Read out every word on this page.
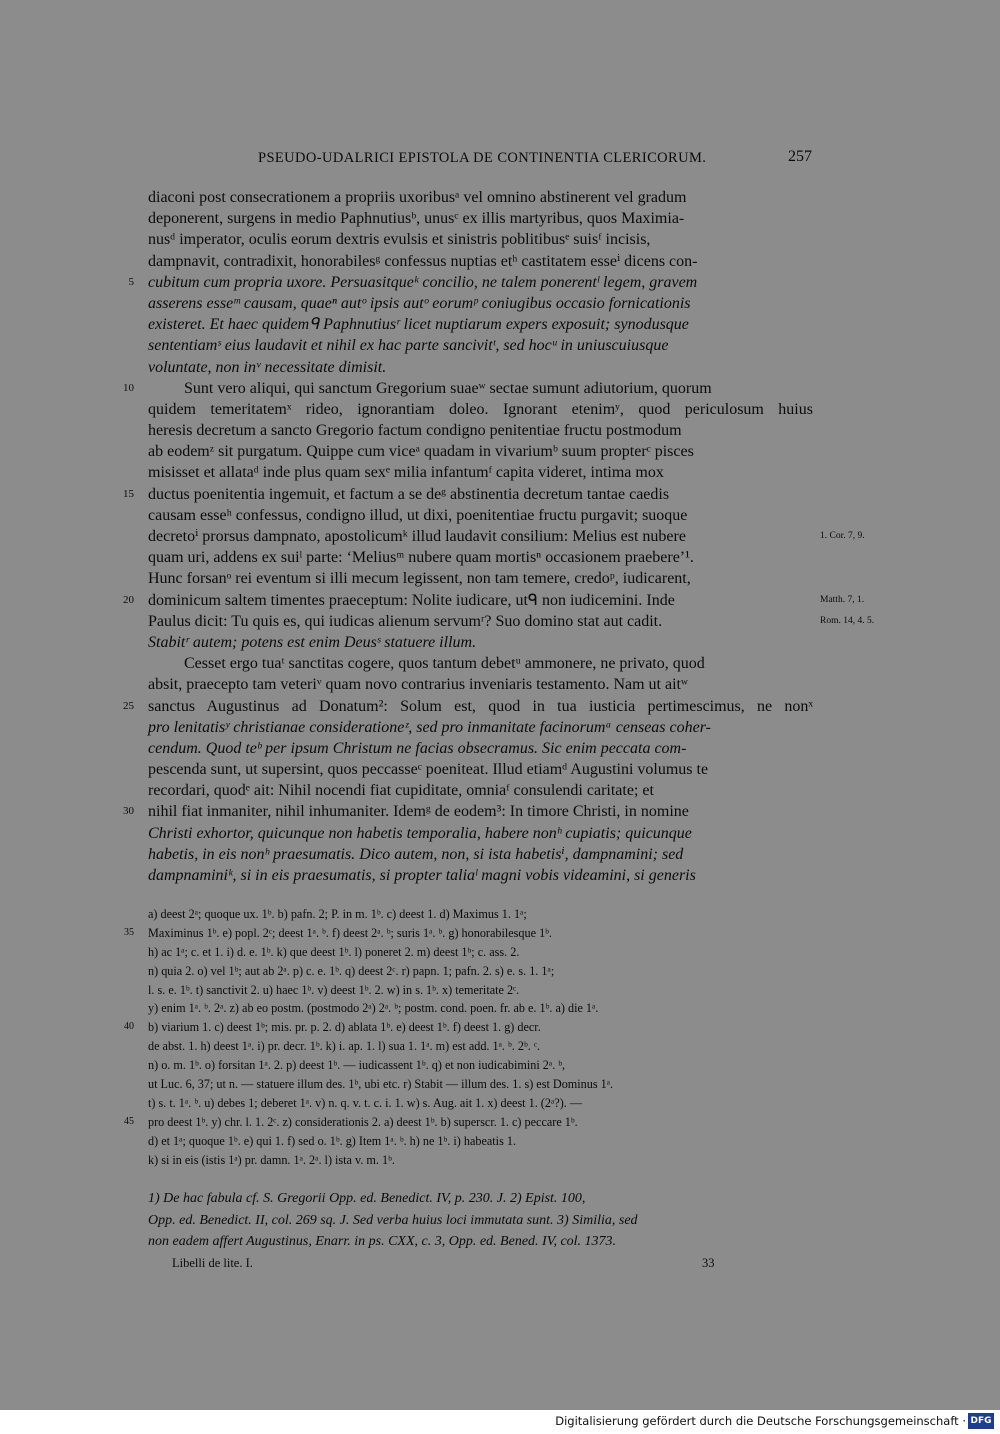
PSEUDO-UDALRICI EPISTOLA DE CONTINENTIA CLERICORUM.	257
diaconi post consecrationem a propriis uxoribusᵃ vel omnino abstinerent vel gradum
deponerent, surgens in medio Paphnutiusᵇ, unusᶜ ex illis martyribus, quos Maximia-
nusᵈ imperator, oculis eorum dextris evulsis et sinistris poblitibusᵉ suisᶠ incisis,
dampnavit, contradixit, honorabilesᵍ confessus nuptias etʰ castitatem esseⁱ dicens con-
5 cubitum cum propria uxore. Persuasitqueᵏ concilio, ne talem ponerentˡ legem, gravem
asserens esseᵐ causam, quaeⁿ autᵒ ipsis autᵒ eorumᵖ coniugibus occasio fornicationis
existeret. Et haec quidemᑫ Paphnutiusʳ licet nuptiarum expers exposuit; synodusque
sententiamˢ eius laudavit et nihil ex hac parte sancivitᵗ, sed hocᵘ in uniuscuiusque
voluntate, non inᵛ necessitate dimisit.
10	Sunt vero aliqui, qui sanctum Gregorium suaeʷ sectae sumunt adiutorium, quorum
quidem temeritatemˣ rideo, ignorantiam doleo. Ignorant etenimʸ, quod periculosum huius
heresis decretum a sancto Gregorio factum condigno penitentiae fructu postmodum
ab eodemᶻ sit purgatum. Quippe cum viceᵃ quadam in vivariumᵇ suum propterᶜ pisces
misisset et allataᵈ inde plus quam sexᵉ milia infantumᶠ capita videret, intima mox
15 ductus poenitentia ingemuit, et factum a se deᵍ abstinentia decretum tantae caedis
causam esseʰ confessus, condigno illud, ut dixi, poenitentiae fructu purgavit; suoque
decretoⁱ prorsus dampnato, apostolicumᵏ illud laudavit consilium: Melius est nubere	1. Cor. 7, 9.
quam uri, addens ex suiˡ parte: ‘Meliusᵐ nubere quam mortisⁿ occasionem praebere’¹.
Hunc forsanᵒ rei eventum si illi mecum legissent, non tam temere, credoᵖ, iudicarent,
20 dominicum saltem timentes praeceptum: Nolite iudicare, utᑫ non iudicemini. Inde	Matth. 7, 1.
Paulus dicit: Tu quis es, qui iudicas alienum servumʳ? Suo domino stat aut cadit.	Rom. 14, 4. 5.
Stabitʳ autem; potens est enim Deusˢ statuere illum.
Cesset ergo tuaᵗ sanctitas cogere, quos tantum debetᵘ ammonere, ne privato, quod
absit, praecepto tam veteriᵛ quam novo contrarius inveniaris testamento. Nam ut aitʷ
25 sanctus Augustinus ad Donatum²: Solum est, quod in tua iusticia pertimescimus, ne nonˣ
pro lenitatisʸ christianae considerationeᶻ, sed pro inmanitate facinorumᵃ censeas coher-
cendum. Quod teᵇ per ipsum Christum ne facias obsecramus. Sic enim peccata com-
pescenda sunt, ut supersint, quos peccasseᶜ poeniteat. Illud etiamᵈ Augustini volumus te
recordari, quodᵉ ait: Nihil nocendi fiat cupiditate, omniaᶠ consulendi caritate; et
30 nihil fiat inmaniter, nihil inhumaniter. Idemᵍ de eodem³: In timore Christi, in nomine
Christi exhortor, quicunque non habetis temporalia, habere nonʰ cupiatis; quicunque
habetis, in eis nonʰ praesumatis. Dico autem, non, si ista habetisⁱ, dampnamini; sed
dampnaminiᵏ, si in eis praesumatis, si propter taliaˡ magni vobis videamini, si generis
a) deest 2ᵃ; quoque ux. 1ᵇ. b) pafn. 2; P. in m. 1ᵇ. c) deest 1. d) Maximus 1. 1ᵃ;
35 Maximinus 1ᵇ. e) popl. 2ᶜ; deest 1ᵃ. ᵇ. f) deest 2ᵃ. ᵇ; suris 1ᵃ. ᵇ. g) honorabilesque 1ᵇ.
h) ac 1ᵃ; c. et 1. i) d. e. 1ᵇ. k) que deest 1ᵇ. l) poneret 2. m) deest 1ᵇ; c. ass. 2.
n) quia 2. o) vel 1ᵇ; aut ab 2ᵃ. p) c. e. 1ᵇ. q) deest 2ᶜ. r) papn. 1; pafn. 2. s) e. s. 1. 1ᵃ;
l. s. e. 1ᵇ. t) sanctivit 2. u) haec 1ᵇ. v) deest 1ᵇ. 2. w) in s. 1ᵇ. x) temeritate 2ᶜ.
y) enim 1ᵃ. ᵇ. 2ᵃ. z) ab eo postm. (postmodo 2ᵃ) 2ᵃ. ᵇ; postm. cond. poen. fr. ab e. 1ᵇ. a) die 1ᵃ.
40 b) viarium 1. c) deest 1ᵇ; mis. pr. p. 2. d) ablata 1ᵇ. e) deest 1ᵇ. f) deest 1. g) decr.
de abst. 1. h) deest 1ᵃ. i) pr. decr. 1ᵇ. k) i. ap. 1. l) sua 1. 1ᵃ. m) est add. 1ᵃ. ᵇ. 2ᵇ. ᶜ.
n) o. m. 1ᵇ. o) forsitan 1ᵃ. 2. p) deest 1ᵇ. — iudicassent 1ᵇ. q) et non iudicabimini 2ᵃ. ᵇ,
ut Luc. 6, 37; ut n. — statuere illum des. 1ᵇ, ubi etc. r) Stabit — illum des. 1. s) est Dominus 1ᵃ.
t) s. t. 1ᵃ. ᵇ. u) debes 1; deberet 1ᵃ. v) n. q. v. t. c. i. 1. w) s. Aug. ait 1. x) deest 1. (2ᵃ?). —
45 pro deest 1ᵇ. y) chr. l. 1. 2ᶜ. z) considerationis 2. a) deest 1ᵇ. b) superscr. 1. c) peccare 1ᵇ.
d) et 1ᵃ; quoque 1ᵇ. e) qui 1. f) sed o. 1ᵇ. g) Item 1ᵃ. ᵇ. h) ne 1ᵇ. i) habeatis 1.
k) si in eis (istis 1ᵃ) pr. damn. 1ᵃ. 2ᵃ. l) ista v. m. 1ᵇ.
1) De hac fabula cf. S. Gregorii Opp. ed. Benedict. IV, p. 230. J. 2) Epist. 100,
Opp. ed. Benedict. II, col. 269 sq. J. Sed verba huius loci immutata sunt. 3) Similia, sed
non eadem affert Augustinus, Enarr. in ps. CXX, c. 3, Opp. ed. Bened. IV, col. 1373.
Libelli de lite. I.	33
Digitalisierung gefördert durch die Deutsche Forschungsgemeinschaft · DFG
